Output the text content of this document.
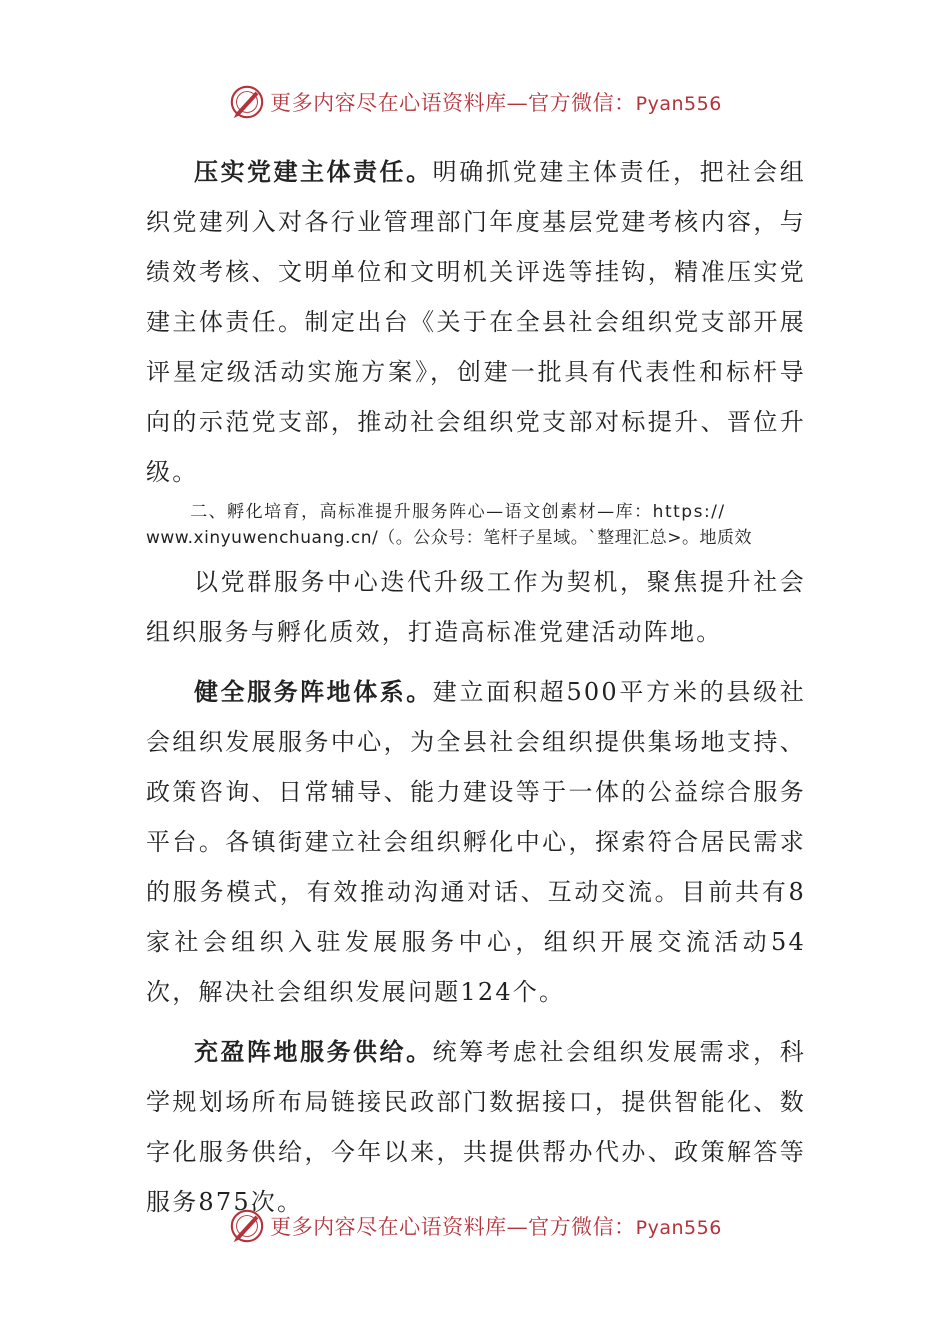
更多内容尽在心语资料库—官方微信：Pyan556

压实党建主体责任。明确抓党建主体责任，把社会组织党建列入对各行业管理部门年度基层党建考核内容，与绩效考核、文明单位和文明机关评选等挂钩，精准压实党建主体责任。制定出台《关于在全县社会组织党支部开展评星定级活动实施方案》，创建一批具有代表性和标杆导向的示范党支部，推动社会组织党支部对标提升、晋位升级。

二、孵化培育，高标准提升服务阵心—语文创素材—库：https://

www.xinyuwenchuang.cn/（。公众号：笔杆子星域。`整理汇总>。地质效

以党群服务中心迭代升级工作为契机，聚焦提升社会组织服务与孵化质效，打造高标准党建活动阵地。

健全服务阵地体系。建立面积超500平方米的县级社会组织发展服务中心，为全县社会组织提供集场地支持、政策咨询、日常辅导、能力建设等于一体的公益综合服务平台。各镇街建立社会组织孵化中心，探索符合居民需求的服务模式，有效推动沟通对话、互动交流。目前共有8家社会组织入驻发展服务中心，组织开展交流活动54次，解决社会组织发展问题124个。

充盈阵地服务供给。统筹考虑社会组织发展需求，科学规划场所布局链接民政部门数据接口，提供智能化、数字化服务供给，今年以来，共提供帮办代办、政策解答等服务875次。

更多内容尽在心语资料库—官方微信：Pyan556
